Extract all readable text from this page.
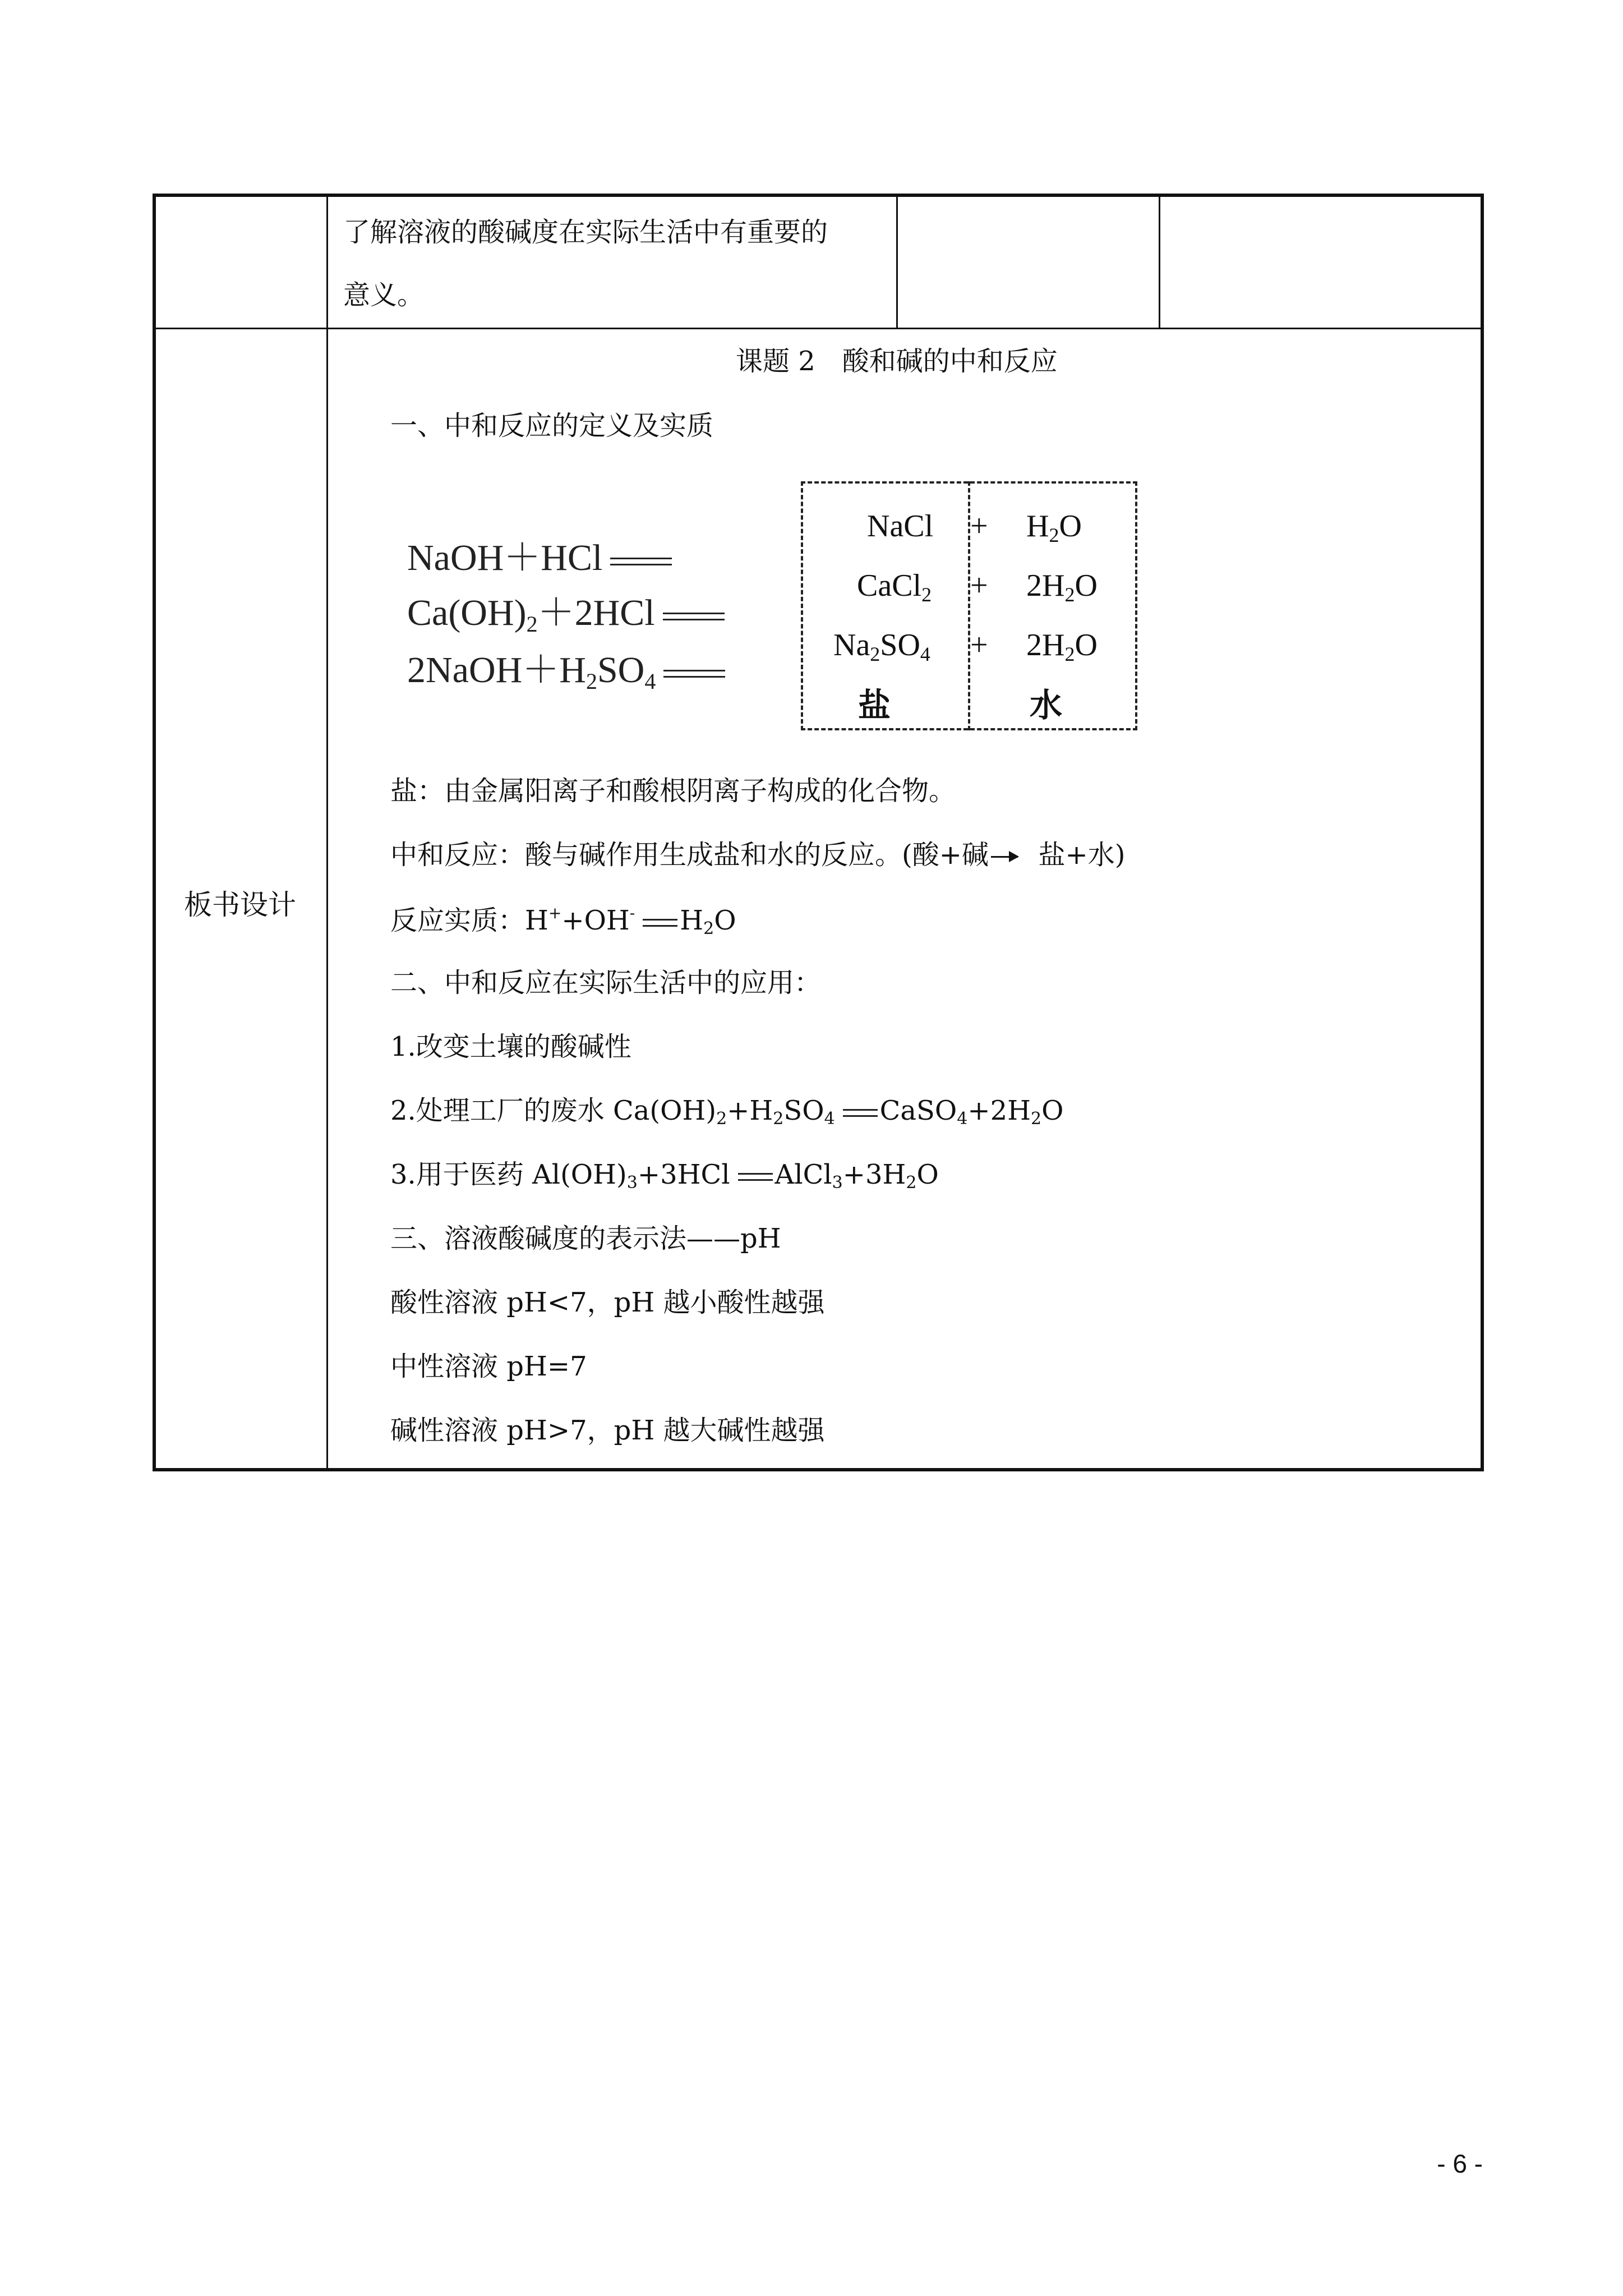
了解溶液的酸碱度在实际生活中有重要的
意义。
板书设计
课题 2　酸和碱的中和反应
一、中和反应的定义及实质
NaOH＋HCl
Ca(OH)2＋2HCl
2NaOH＋H2SO4
NaCl
CaCl2
Na2SO4
+
+
+
H2O
2H2O
2H2O
盐	水
盐：由金属阳离子和酸根阴离子构成的化合物。
中和反应：酸与碱作用生成盐和水的反应。(酸+碱 盐+水)
反应实质：H++OH- $H_2O$
二、中和反应在实际生活中的应用：
1.改变土壤的酸碱性
2.处理工厂的废水 $Ca(OH)_2+H_2SO_4$ $CaSO_4+2H_2O$
3.用于医药 $Al(OH)_3+3HCl$ $AlCl_3+3H_2O$
三、溶液酸碱度的表示法——pH
酸性溶液 pH<7，pH 越小酸性越强
中性溶液 pH=7
碱性溶液 pH>7，pH 越大碱性越强
- 6 -
